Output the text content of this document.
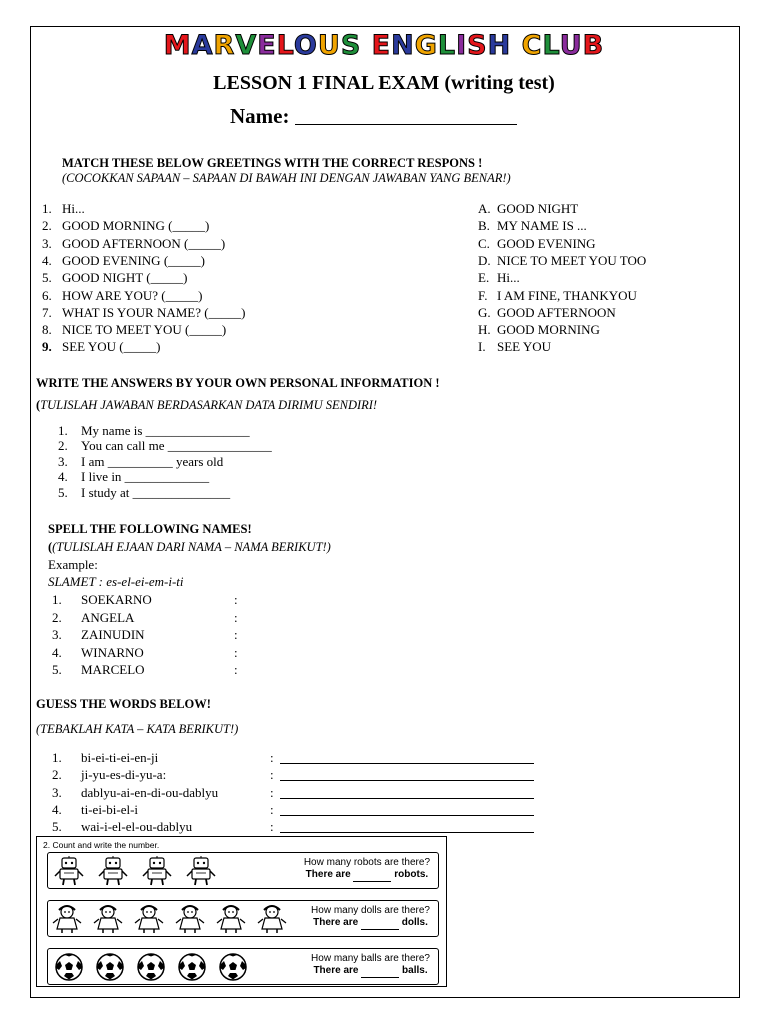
MARVELOUS ENGLISH CLUB
LESSON 1 FINAL EXAM (writing test)
Name:
MATCH THESE BELOW GREETINGS WITH THE CORRECT RESPONS !
(COCOKKAN SAPAAN – SAPAAN DI BAWAH INI DENGAN JAWABAN YANG BENAR!)
1. Hi...
2. GOOD MORNING (_____)
3. GOOD AFTERNOON (_____)
4. GOOD EVENING (_____)
5. GOOD NIGHT (_____)
6. HOW ARE YOU? (_____)
7. WHAT IS YOUR NAME? (_____)
8. NICE TO MEET YOU (_____)
9. SEE YOU (_____)
A. GOOD NIGHT
B. MY NAME IS ...
C. GOOD EVENING
D. NICE TO MEET YOU TOO
E. Hi...
F. I AM FINE, THANKYOU
G. GOOD AFTERNOON
H. GOOD MORNING
I. SEE YOU
WRITE THE ANSWERS BY YOUR OWN PERSONAL INFORMATION !
(TULISLAH JAWABAN BERDASARKAN DATA DIRIMU SENDIRI!
1. My name is ________________
2. You can call me ________________
3. I am __________ years old
4. I live in _____________
5. I study at _______________
SPELL THE FOLLOWING NAMES!
((TULISLAH EJAAN DARI NAMA – NAMA BERIKUT!)
Example:
SLAMET : es-el-ei-em-i-ti
1. SOEKARNO	:
2. ANGELA	:
3. ZAINUDIN	:
4. WINARNO	:
5. MARCELO	:
GUESS THE WORDS BELOW!
(TEBAKLAH KATA – KATA BERIKUT!)
1. bi-ei-ti-ei-en-ji	:
2. ji-yu-es-di-yu-a:	:
3. dablyu-ai-en-di-ou-dablyu	:
4. ti-ei-bi-el-i	:
5. wai-i-el-el-ou-dablyu	:
2. Count and write the number.
How many robots are there?
There are	robots.
How many dolls are there?
There are	dolls.
How many balls are there?
There are	balls.
